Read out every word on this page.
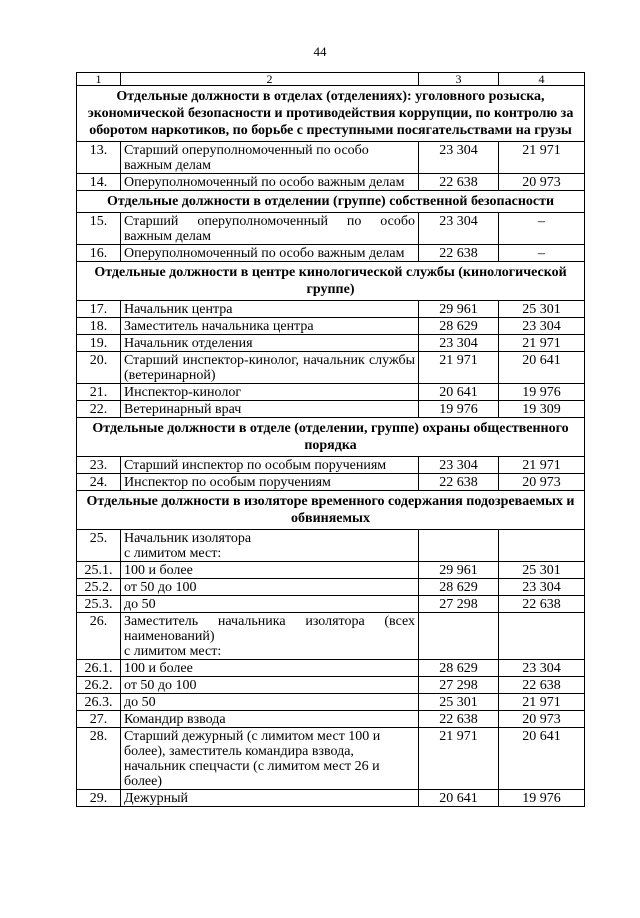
44
1	2	3	4
Отдельные должности в отделах (отделениях): уголовного розыска, экономической безопасности и противодействия коррупции, по контролю за оборотом наркотиков, по борьбе с преступными посягательствами на грузы			
13.	Старший оперуполномоченный по особо важным делам	23 304	21 971
14.	Оперуполномоченный по особо важным делам	22 638	20 973
Отдельные должности в отделении (группе) собственной безопасности			
15.	Старший оперуполномоченный по особо важным делам	23 304	–
16.	Оперуполномоченный по особо важным делам	22 638	–
Отдельные должности в центре кинологической службы (кинологической группе)			
17.	Начальник центра	29 961	25 301
18.	Заместитель начальника центра	28 629	23 304
19.	Начальник отделения	23 304	21 971
20.	Старший инспектор-кинолог, начальник службы (ветеринарной)	21 971	20 641
21.	Инспектор-кинолог	20 641	19 976
22.	Ветеринарный врач	19 976	19 309
Отдельные должности в отделе (отделении, группе) охраны общественного порядка			
23.	Старший инспектор по особым поручениям	23 304	21 971
24.	Инспектор по особым поручениям	22 638	20 973
Отдельные должности в изоляторе временного содержания подозреваемых и обвиняемых			
25.	Начальник изолятора
с лимитом мест:		
25.1.	100 и более	29 961	25 301
25.2.	от 50 до 100	28 629	23 304
25.3.	до 50	27 298	22 638
26.	Заместитель начальника изолятора (всех наименований)
с лимитом мест:		
26.1.	100 и более	28 629	23 304
26.2.	от 50 до 100	27 298	22 638
26.3.	до 50	25 301	21 971
27.	Командир взвода	22 638	20 973
28.	Старший дежурный (с лимитом мест 100 и более), заместитель командира взвода, начальник спецчасти (с лимитом мест 26 и более)	21 971	20 641
29.	Дежурный	20 641	19 976
